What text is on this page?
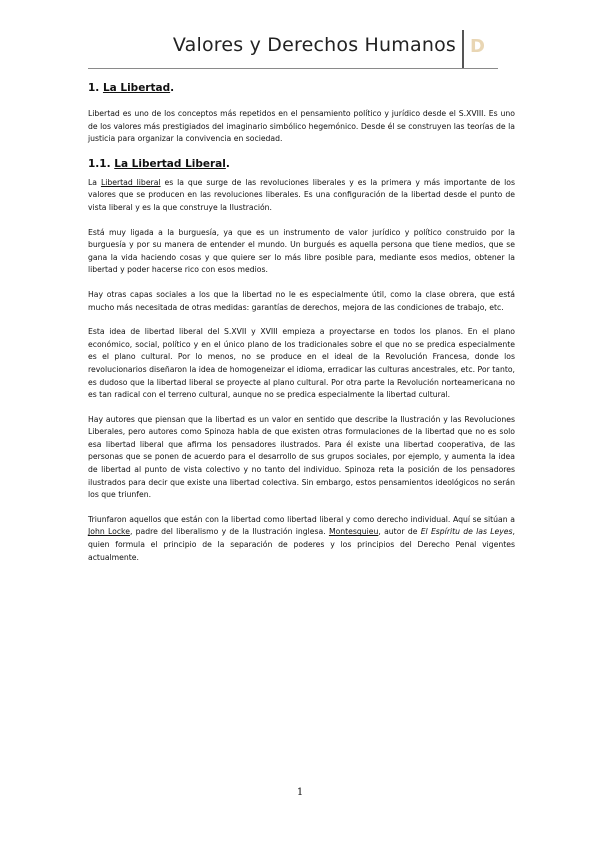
Valores y Derechos Humanos D
1. La Libertad.

Libertad es uno de los conceptos más repetidos en el pensamiento político y jurídico desde el S.XVIII. Es uno de los valores más prestigiados del imaginario simbólico hegemónico. Desde él se construyen las teorías de la justicia para organizar la convivencia en sociedad.

1.1. La Libertad Liberal.

La Libertad liberal es la que surge de las revoluciones liberales y es la primera y más importante de los valores que se producen en las revoluciones liberales. Es una configuración de la libertad desde el punto de vista liberal y es la que construye la Ilustración.

Está muy ligada a la burguesía, ya que es un instrumento de valor jurídico y político construido por la burguesía y por su manera de entender el mundo. Un burgués es aquella persona que tiene medios, que se gana la vida haciendo cosas y que quiere ser lo más libre posible para, mediante esos medios, obtener la libertad y poder hacerse rico con esos medios.

Hay otras capas sociales a los que la libertad no le es especialmente útil, como la clase obrera, que está mucho más necesitada de otras medidas: garantías de derechos, mejora de las condiciones de trabajo, etc.

Esta idea de libertad liberal del S.XVII y XVIII empieza a proyectarse en todos los planos. En el plano económico, social, político y en el único plano de los tradicionales sobre el que no se predica especialmente es el plano cultural. Por lo menos, no se produce en el ideal de la Revolución Francesa, donde los revolucionarios diseñaron la idea de homogeneizar el idioma, erradicar las culturas ancestrales, etc. Por tanto, es dudoso que la libertad liberal se proyecte al plano cultural. Por otra parte la Revolución norteamericana no es tan radical con el terreno cultural, aunque no se predica especialmente la libertad cultural.

Hay autores que piensan que la libertad es un valor en sentido que describe la Ilustración y las Revoluciones Liberales, pero autores como Spinoza habla de que existen otras formulaciones de la libertad que no es solo esa libertad liberal que afirma los pensadores ilustrados. Para él existe una libertad cooperativa, de las personas que se ponen de acuerdo para el desarrollo de sus grupos sociales, por ejemplo, y aumenta la idea de libertad al punto de vista colectivo y no tanto del individuo. Spinoza reta la posición de los pensadores ilustrados para decir que existe una libertad colectiva. Sin embargo, estos pensamientos ideológicos no serán los que triunfen.

Triunfaron aquellos que están con la libertad como libertad liberal y como derecho individual. Aquí se sitúan a John Locke, padre del liberalismo y de la Ilustración inglesa. Montesquieu, autor de El Espíritu de las Leyes, quien formula el principio de la separación de poderes y los principios del Derecho Penal vigentes actualmente.

1
